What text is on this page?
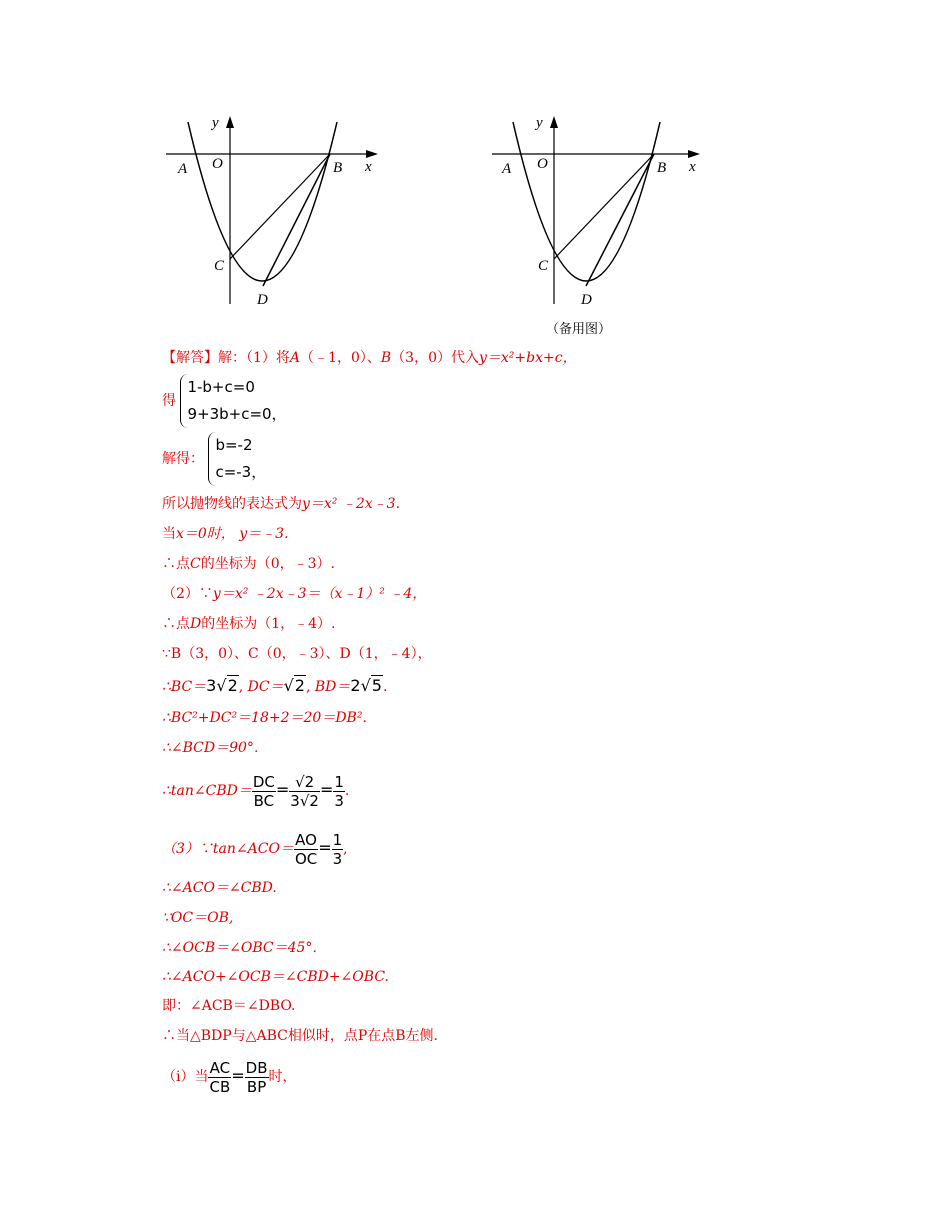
y
x
A O	B
C
D
y
x
A O	B
C
D
（备用图）
【解答】解：（1）将A（﹣1，0）、B（3，0）代入y＝x²+bx+c，
得
1-b+c=0
9+3b+c=0，
解得：
b=-2
c=-3，
所以抛物线的表达式为y＝x² ﹣2x﹣3.
当x＝0时， y＝﹣3.
∴点C的坐标为（0，﹣3）.
（2）∵y＝x² ﹣2x﹣3＝（x﹣1）² ﹣4，
∴点D的坐标为（1，﹣4）.
∵B（3，0）、C（0，﹣3）、D（1，﹣4），
∴BC＝3√2, DC＝√2, BD＝2√5.
∴BC²+DC²＝18+2＝20＝DB².
∴∠BCD＝90°．
∴tan∠CBD＝ $\frac{DC}{BC} = \frac{√2}{3√2} = \frac{1}{3}$ .
（3）∵tan∠ACO＝ $\frac{AO}{OC} = \frac{1}{3}$ ,
∴∠ACO＝∠CBD.
∵OC＝OB,
∴∠OCB＝∠OBC＝45°．
∴∠ACO+∠OCB＝∠CBD+∠OBC.
即：∠ACB＝∠DBO.
∴当△BDP与△ABC相似时，点P在点B左侧.
（i）当 $\frac{AC}{CB} = \frac{DB}{BP}$ 时，
